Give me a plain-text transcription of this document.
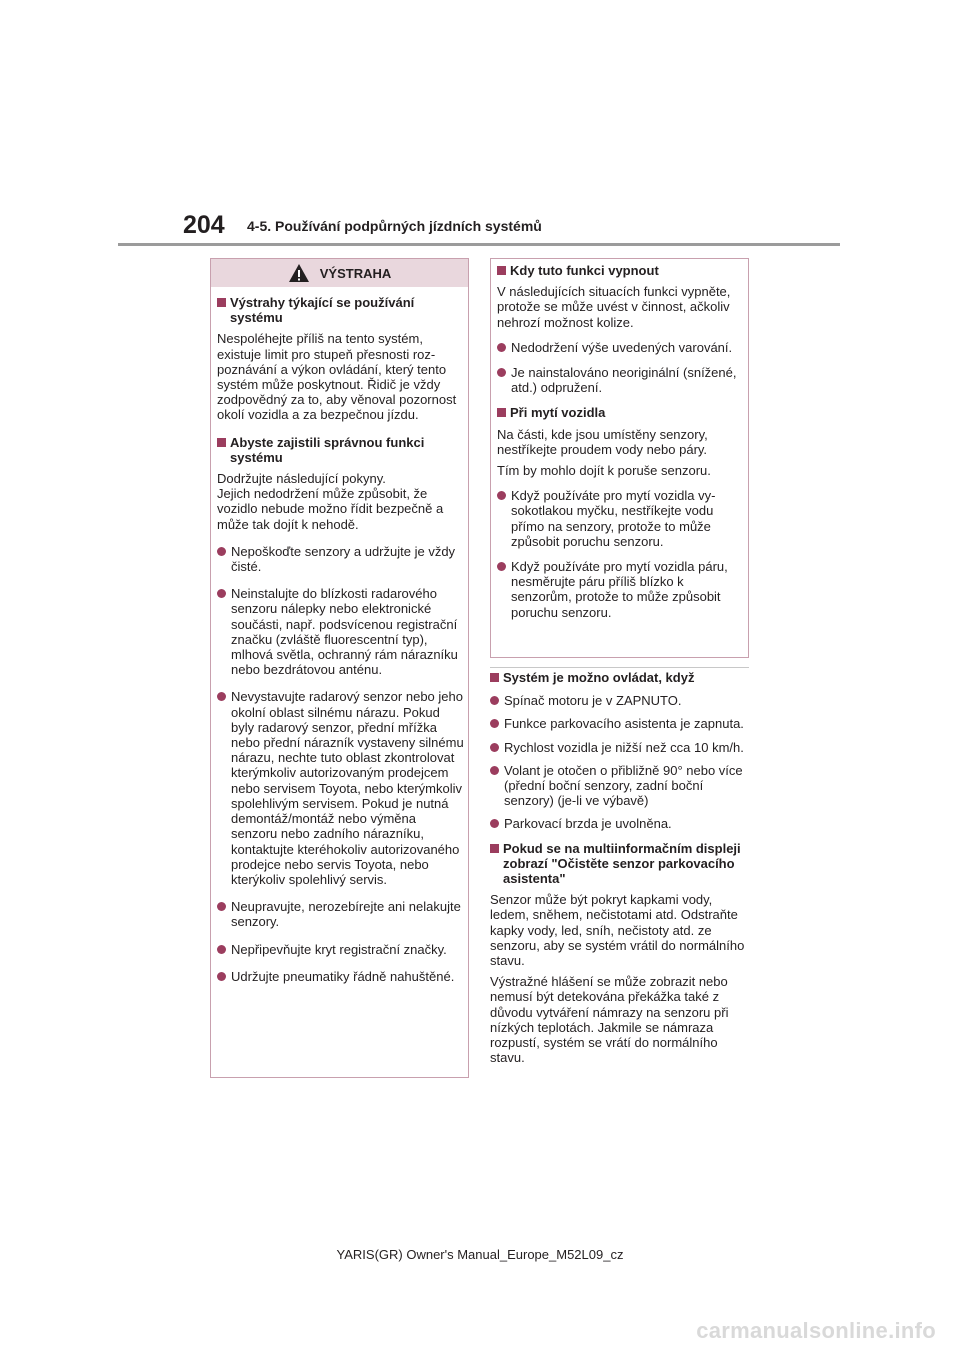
204 4-5. Používání podpůrných jízdních systémů
VÝSTRAHA
Výstrahy týkající se používání systému

Nespoléhejte příliš na tento systém, existuje limit pro stupeň přesnosti rozpoznávání a výkon ovládání, který tento systém může poskytnout. Řidič je vždy zodpovědný za to, aby věnoval pozornost okolí vozidla a za bezpečnou jízdu.

Abyste zajistili správnou funkci systému

Dodržujte následující pokyny.

Jejich nedodržení může způsobit, že vozidlo nebude možno řídit bezpečně a může tak dojít k nehodě.

Nepoškoďte senzory a udržujte je vždy čisté.
Neinstalujte do blízkosti radarového senzoru nálepky nebo elektronické součásti, např. podsvícenou registrační značku (zvláště fluorescentní typ), mlhová světla, ochranný rám nárazníku nebo bezdrátovou anténu.
Nevystavujte radarový senzor nebo jeho okolní oblast silnému nárazu. Pokud byly radarový senzor, přední mřížka nebo přední nárazník vystaveny silnému nárazu, nechte tuto oblast zkontrolovat kterýmkoliv autorizovaným prodejcem nebo servisem Toyota, nebo kterýmkoliv spolehlivým servisem. Pokud je nutná demontáž/montáž nebo výměna senzoru nebo zadního nárazníku, kontaktujte kteréhokoliv autorizovaného prodejce nebo servis Toyota, nebo kterýkoliv spolehlivý servis.
Neupravujte, nerozebírejte ani nelakujte senzory.
Nepřipevňujte kryt registrační značky.
Udržujte pneumatiky řádně nahuštěné.
Kdy tuto funkci vypnout

V následujících situacích funkci vypněte, protože se může uvést v činnost, ačkoliv nehrozí možnost kolize.

Nedodržení výše uvedených varování.
Je nainstalováno neoriginální (snížené, atd.) odpružení.
Při mytí vozidla

Na části, kde jsou umístěny senzory, nestříkejte proudem vody nebo páry.

Tím by mohlo dojít k poruše senzoru.

Když používáte pro mytí vozidla vysokotlakou myčku, nestříkejte vodu přímo na senzory, protože to může způsobit poruchu senzoru.
Když používáte pro mytí vozidla páru, nesměrujte páru příliš blízko k senzorům, protože to může způsobit poruchu senzoru.
Systém je možno ovládat, když
Spínač motoru je v ZAPNUTO.
Funkce parkovacího asistenta je zapnuta.
Rychlost vozidla je nižší než cca 10 km/h.
Volant je otočen o přibližně 90° nebo více (přední boční senzory, zadní boční senzory) (je-li ve výbavě)
Parkovací brzda je uvolněna.
Pokud se na multiinformačním displeji zobrazí "Očistěte senzor parkovacího asistenta"

Senzor může být pokryt kapkami vody, ledem, sněhem, nečistotami atd. Odstraňte kapky vody, led, sníh, nečistoty atd. ze senzoru, aby se systém vrátil do normálního stavu.

Výstražné hlášení se může zobrazit nebo nemusí být detekována překážka také z důvodu vytváření námrazy na senzoru při nízkých teplotách. Jakmile se námraza rozpustí, systém se vrátí do normálního stavu.

YARIS(GR) Owner's Manual_Europe_M52L09_cz
carmanualsonline.info
